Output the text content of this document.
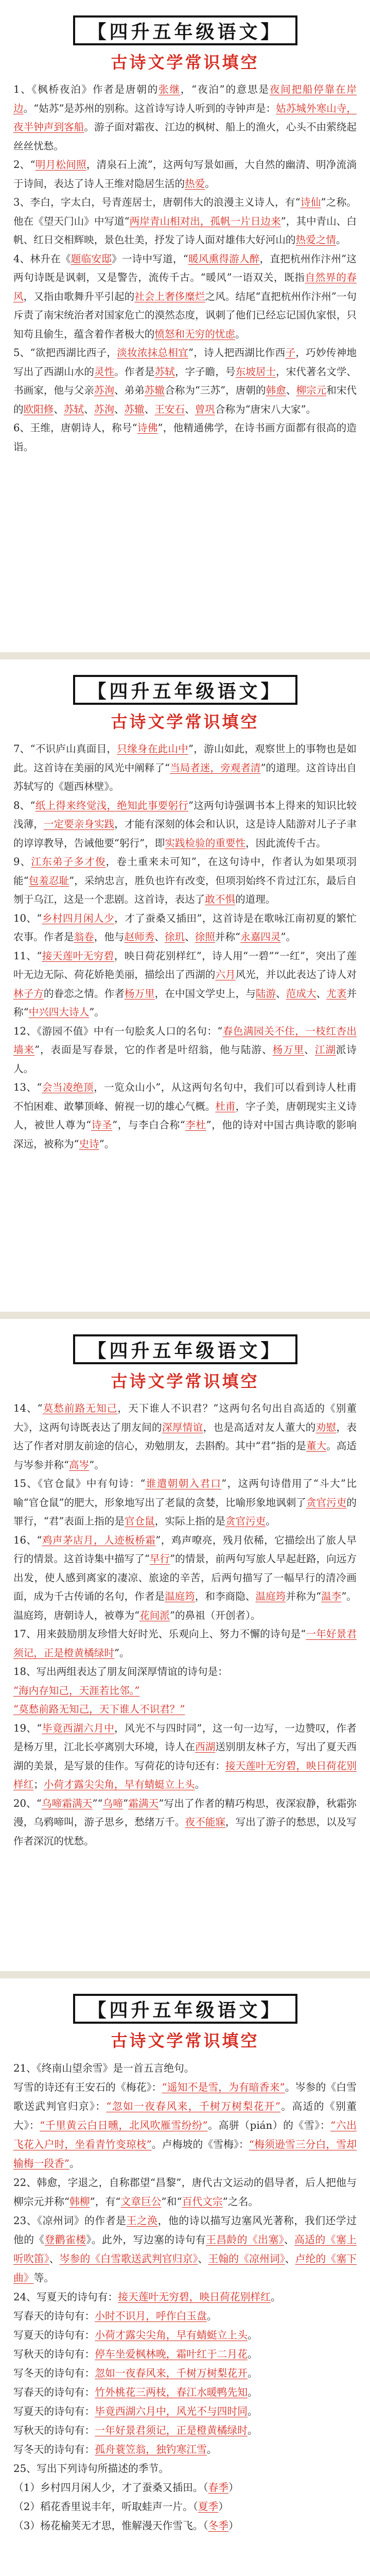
【四升五年级语文】
古诗文学常识填空

1、《枫桥夜泊》作者是唐朝的张继，“夜泊”的意思是夜间把船停靠在岸边。“姑苏”是苏州的别称。这首诗写诗人听到的寺钟声是：姑苏城外寒山寺，夜半钟声到客船。游子面对霜夜、江边的枫树、船上的渔火，心头不由萦绕起丝丝忧愁。

2、“明月松间照，清泉石上流”，这两句写景如画，大自然的幽清、明净流淌于诗间，表达了诗人王维对隐居生活的热爱。

3、李白，字太白，号青莲居士，唐朝伟大的浪漫主义诗人，有“诗仙”之称。他在《望天门山》中写道“两岸青山相对出，孤帆一片日边来”，其中青山、白帆、红日交相辉映，景色壮美，抒发了诗人面对雄伟大好河山的热爱之情。

4、林升在《题临安邸》一诗中写道，“暖风熏得游人醉，直把杭州作汴州”这两句诗既是讽刺，又是警告，流传千古。“暖风”一语双关，既指自然界的春风，又指由歌舞升平引起的社会上奢侈糜烂之风。结尾“直把杭州作汴州”一句斥责了南宋统治者对国家危亡的漠然态度，讽刺了他们已经忘记国仇家恨，只知苟且偷生，蕴含着作者极大的愤怒和无穷的忧虑。

5、“欲把西湖比西子，淡妆浓抹总相宜”，诗人把西湖比作西子，巧妙传神地写出了西湖山水的灵性。作者是苏轼，字子瞻，号东坡居士，宋代著名文学、书画家，他与父亲苏洵、弟弟苏辙合称为“三苏”，唐朝的韩愈、柳宗元和宋代的欧阳修、苏轼、苏洵、苏辙、王安石、曾巩合称为“唐宋八大家”。

6、王维，唐朝诗人，称号“诗佛”，他精通佛学，在诗书画方面都有很高的造诣。

【四升五年级语文】
古诗文学常识填空

7、“不识庐山真面目，只缘身在此山中”，游山如此，观察世上的事物也是如此。这首诗在美丽的风光中阐释了“当局者迷，旁观者清”的道理。这首诗出自苏轼写的《题西林壁》。

8、“纸上得来终觉浅，绝知此事要躬行”这两句诗强调书本上得来的知识比较浅薄，一定要亲身实践，才能有深刻的体会和认识，这是诗人陆游对儿子子聿的谆谆教导，告诫他要“躬行”，即实践检验的重要性，因此流传千古。

9、江东弟子多才俊，卷土重来未可知”，在这句诗中，作者认为如果项羽能“包羞忍耻”，采纳忠言，胜负也许有改变，但项羽始终不肯过江东，最后自刎于乌江，这是一个悲剧。这首诗，表达了敢不惧的道理。

10、“乡村四月闲人少，才了蚕桑又插田”，这首诗是在歌咏江南初夏的繁忙农事。作者是翁卷，他与赵师秀、徐玑、徐照并称“永嘉四灵”。

11、“接天莲叶无穷碧，映日荷花别样红”，诗人用“一碧”“一红”，突出了莲叶无边无际、荷花娇艳美丽，描绘出了西湖的六月风光，并以此表达了诗人对林子方的眷恋之情。作者杨万里，在中国文学史上，与陆游、范成大、尤袤并称“中兴四大诗人”。

12、《游园不值》中有一句脍炙人口的名句：“春色满园关不住，一枝红杏出墙来”，表面是写春景，它的作者是叶绍翁，他与陆游、杨万里、江湖派诗人。

13、“会当凌绝顶，一览众山小”，从这两句名句中，我们可以看到诗人杜甫不怕困难、敢攀顶峰、俯视一切的雄心气概。杜甫，字子美，唐朝现实主义诗人，被世人尊为“诗圣”，与李白合称“李杜”，他的诗对中国古典诗歌的影响深远，被称为“史诗”。

【四升五年级语文】
古诗文学常识填空

14、“莫愁前路无知己，天下谁人不识君？”这两句名句出自高适的《别董大》，这两句诗既表达了朋友间的深厚情谊，也是高适对友人董大的劝慰，表达了作者对朋友前途的信心，劝勉朋友，去斟酌。其中“君”指的是董大。高适与岑参并称“高岑”。

15、《官仓鼠》中有句诗：“谁遣朝朝入君口”，这两句诗借用了“斗大”比喻“官仓鼠”的肥大，形象地写出了老鼠的贪婪，比喻形象地讽刺了贪官污吏的罪行，“君”表面上指的是官仓鼠，实际上指的是贪官污吏。

16、“鸡声茅店月，人迹板桥霜”，鸡声嘹亮，残月依稀，它描绘出了旅人早行的情景。这首诗集中描写了“早行”的情景，前两句写旅人早起赶路，向远方出发，使人感到离家的凄凉、旅途的辛苦，后两句描写了一幅早行的清冷画面，成为千古传诵的名句，作者是温庭筠，和李商隐、温庭筠并称为“温李”。温庭筠，唐朝诗人，被尊为“花间派”的鼻祖（开创者）。

17、用来鼓励朋友珍惜大好时光、乐观向上、努力不懈的诗句是“一年好景君须记，正是橙黄橘绿时”。

18、写出两组表达了朋友间深厚情谊的诗句是：

“海内存知己，天涯若比邻。”

“莫愁前路无知己，天下谁人不识君？”

19、“毕竟西湖六月中，风光不与四时同”，这一句一边写，一边赞叹，作者是杨万里，江北长亭离别大环境，诗人在西湖送别朋友林子方，写出了夏天西湖的美景，是写景的佳作。写荷花的诗句还有：接天莲叶无穷碧，映日荷花别样红；小荷才露尖尖角，早有蜻蜓立上头。

20、“乌啼霜满天”“乌啼”霜满天”写出了作者的精巧构思，夜深寂静，秋霜弥漫，乌鸦啼叫，游子思乡，愁绪万千。夜不能寐，写出了游子的愁思，以及写作者深沉的忧愁。

【四升五年级语文】
古诗文学常识填空

21、《终南山望余雪》是一首五言绝句。

写雪的诗还有王安石的《梅花》：“遥知不是雪，为有暗香来”。岑参的《白雪歌送武判官归京》：“忽如一夜春风来，千树万树梨花开”。高适的《别董大》：“千里黄云白日曛，北风吹雁雪纷纷”。高骈（pián）的《雪》：“六出飞花入户时，坐看青竹变琼枝”。卢梅坡的《雪梅》：“梅须逊雪三分白，雪却输梅一段香”。

22、韩愈，字退之，自称郡望“昌黎”，唐代古文运动的倡导者，后人把他与柳宗元并称“韩柳”，有“文章巨公”和“百代文宗”之名。

23、《凉州词》的作者是王之涣，他的诗以描写边塞风光著称，我们还学过他的《登鹳雀楼》。此外，写边塞的诗句有王昌龄的《出塞》、高适的《塞上听吹笛》、岑参的《白雪歌送武判官归京》、王翰的《凉州词》、卢纶的《塞下曲》等。

24、写夏天的诗句有：接天莲叶无穷碧，映日荷花别样红。

写春天的诗句有：小时不识月，呼作白玉盘。

写夏天的诗句有：小荷才露尖尖角，早有蜻蜓立上头。

写秋天的诗句有：停车坐爱枫林晚，霜叶红于二月花。

写冬天的诗句有：忽如一夜春风来，千树万树梨花开。

写春天的诗句有：竹外桃花三两枝，春江水暖鸭先知。

写夏天的诗句有：毕竟西湖六月中，风光不与四时同。

写秋天的诗句有：一年好景君须记，正是橙黄橘绿时。

写冬天的诗句有：孤舟蓑笠翁，独钓寒江雪。

25、写出下列诗句所描述的季节。

（1）乡村四月闲人少，才了蚕桑又插田。（春季）

（2）稻花香里说丰年，听取蛙声一片。（夏季）

（3）杨花榆荚无才思，惟解漫天作雪飞。（冬季）
